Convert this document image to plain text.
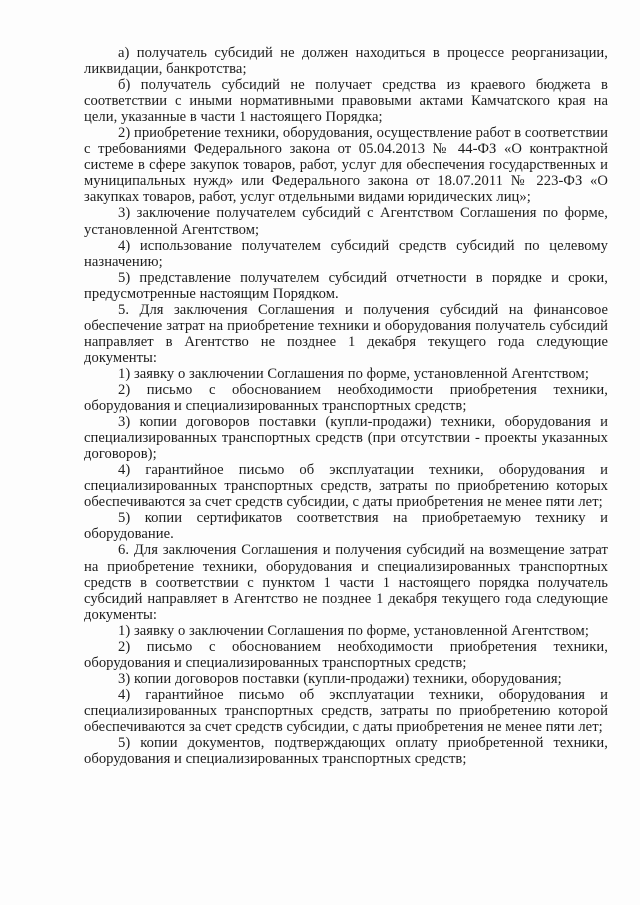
а) получатель субсидий не должен находиться в процессе реорганизации, ликвидации, банкротства;

б) получатель субсидий не получает средства из краевого бюджета в соответствии с иными нормативными правовыми актами Камчатского края на цели, указанные в части 1 настоящего Порядка;

2) приобретение техники, оборудования, осуществление работ в соответствии с требованиями Федерального закона от 05.04.2013 № 44-ФЗ «О контрактной системе в сфере закупок товаров, работ, услуг для обеспечения государственных и муниципальных нужд» или Федерального закона от 18.07.2011 № 223-ФЗ «О закупках товаров, работ, услуг отдельными видами юридических лиц»;

3) заключение получателем субсидий с Агентством Соглашения по форме, установленной Агентством;

4) использование получателем субсидий средств субсидий по целевому назначению;

5) представление получателем субсидий отчетности в порядке и сроки, предусмотренные настоящим Порядком.

5. Для заключения Соглашения и получения субсидий на финансовое обеспечение затрат на приобретение техники и оборудования получатель субсидий направляет в Агентство не позднее 1 декабря текущего года следующие документы:

1) заявку о заключении Соглашения по форме, установленной Агентством;

2) письмо с обоснованием необходимости приобретения техники, оборудования и специализированных транспортных средств;

3) копии договоров поставки (купли-продажи) техники, оборудования и специализированных транспортных средств (при отсутствии - проекты указанных договоров);

4) гарантийное письмо об эксплуатации техники, оборудования и специализированных транспортных средств, затраты по приобретению которых обеспечиваются за счет средств субсидии, с даты приобретения не менее пяти лет;

5) копии сертификатов соответствия на приобретаемую технику и оборудование.

6. Для заключения Соглашения и получения субсидий на возмещение затрат на приобретение техники, оборудования и специализированных транспортных средств в соответствии с пунктом 1 части 1 настоящего порядка получатель субсидий направляет в Агентство не позднее 1 декабря текущего года следующие документы:

1) заявку о заключении Соглашения по форме, установленной Агентством;

2) письмо с обоснованием необходимости приобретения техники, оборудования и специализированных транспортных средств;

3) копии договоров поставки (купли-продажи) техники, оборудования;

4) гарантийное письмо об эксплуатации техники, оборудования и специализированных транспортных средств, затраты по приобретению которой обеспечиваются за счет средств субсидии, с даты приобретения не менее пяти лет;

5) копии документов, подтверждающих оплату приобретенной техники, оборудования и специализированных транспортных средств;
